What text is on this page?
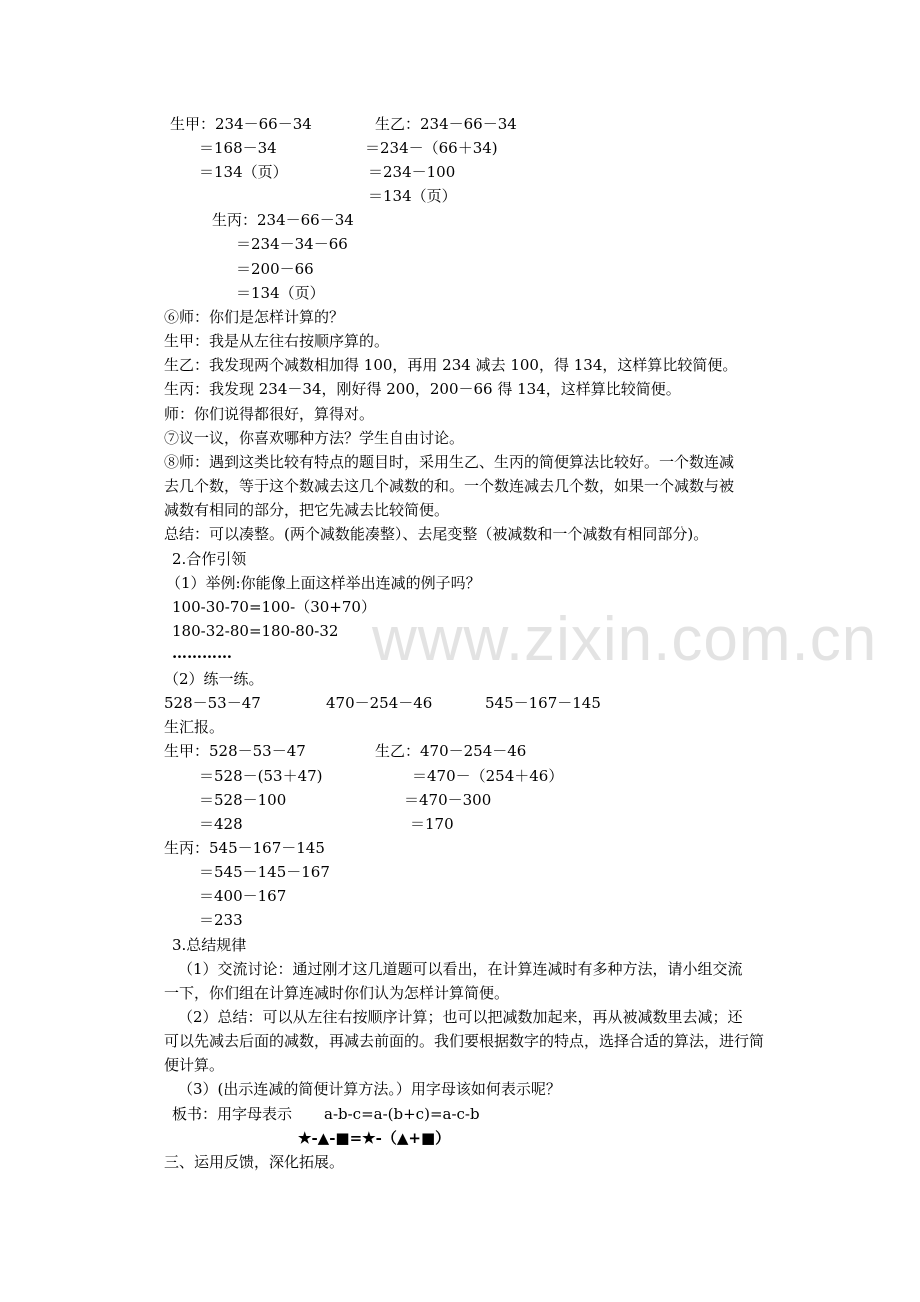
www.zixin.com.cn
生甲：234－66－34
＝168－34
＝134（页）
生乙：234－66－34
＝234－（66＋34)
＝234－100
＝134（页）
生丙：234－66－34
＝234－34－66
＝200－66
＝134（页）
⑥师：你们是怎样计算的？
生甲：我是从左往右按顺序算的。
生乙：我发现两个减数相加得 100，再用 234 减去 100，得 134，这样算比较简便。
生丙：我发现 234－34，刚好得 200，200－66 得 134，这样算比较简便。
师：你们说得都很好，算得对。
⑦议一议，你喜欢哪种方法？学生自由讨论。
⑧师：遇到这类比较有特点的题目时，采用生乙、生丙的简便算法比较好。一个数连减
去几个数，等于这个数减去这几个减数的和。一个数连减去几个数，如果一个减数与被
减数有相同的部分，把它先减去比较简便。
总结：可以凑整。(两个减数能凑整）、去尾变整（被减数和一个减数有相同部分)。
2.合作引领
（1）举例:你能像上面这样举出连减的例子吗？
100-30-70=100-（30+70）
180-32-80=180-80-32
…………
（2）练一练。
528－53－47	470－254－46	545－167－145
生汇报。
生甲：528－53－47
＝528－(53＋47)
＝528－100
＝428
生乙：470－254－46
＝470－（254＋46）
＝470－300
＝170
生丙：545－167－145
＝545－145－167
＝400－167
＝233
3.总结规律
（1）交流讨论：通过刚才这几道题可以看出，在计算连减时有多种方法，请小组交流
一下，你们组在计算连减时你们认为怎样计算简便。
（2）总结：可以从左往右按顺序计算；也可以把减数加起来，再从被减数里去减；还
可以先减去后面的减数，再减去前面的。我们要根据数字的特点，选择合适的算法，进行简
便计算。
（3）(出示连减的简便计算方法。）用字母该如何表示呢？
板书：用字母表示 a-b-c=a-(b+c)=a-c-b
★-▲-■=★-（▲+■）
三、运用反馈，深化拓展。
